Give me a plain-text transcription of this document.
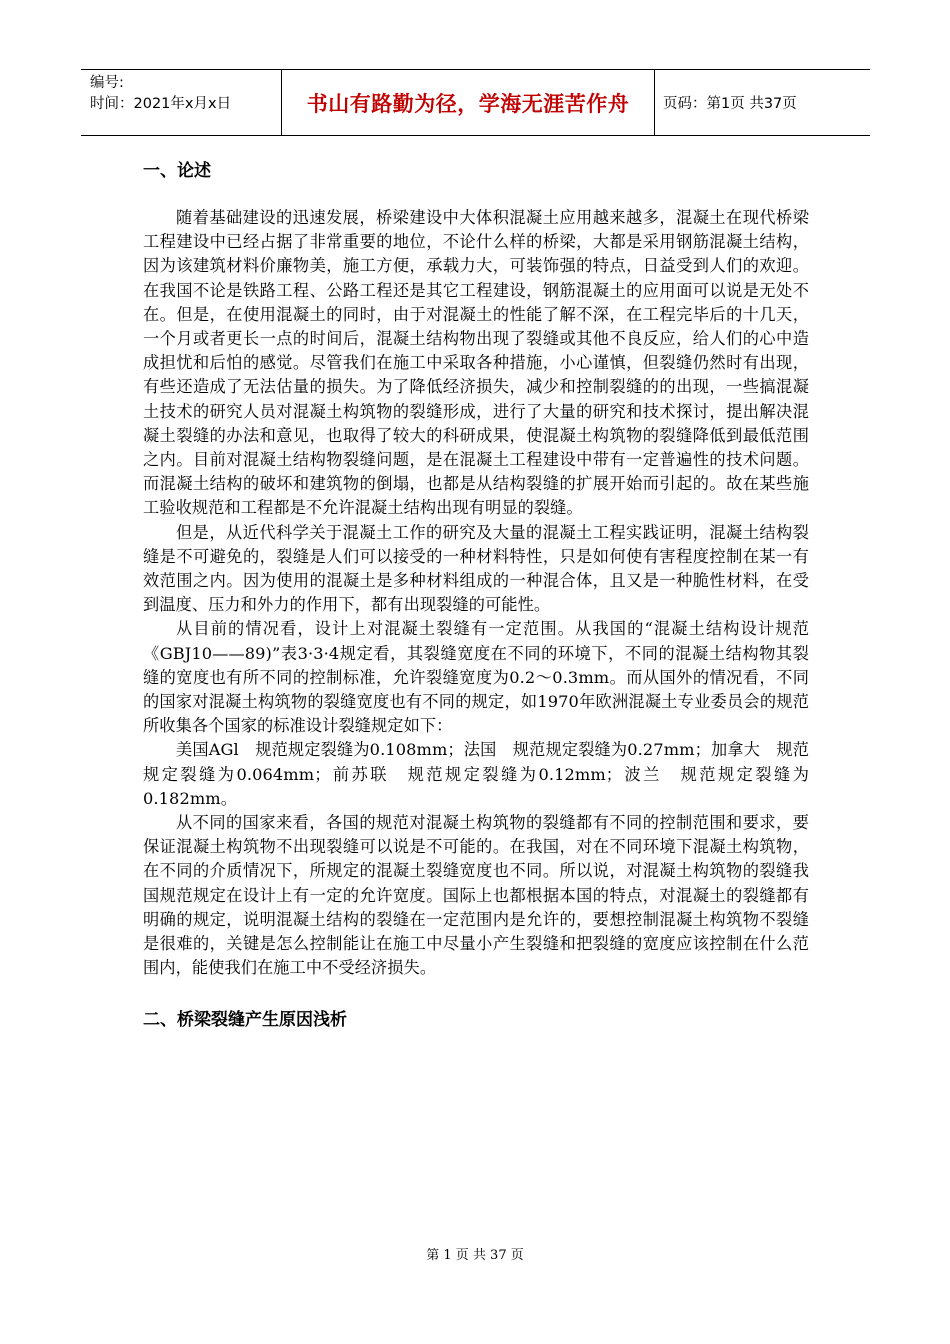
编号:
时间：2021年x月x日	书山有路勤为径，学海无涯苦作舟 页码：第1页 共37页
一、论述

随着基础建设的迅速发展，桥梁建设中大体积混凝土应用越来越多，混凝土在现代桥梁工程建设中已经占据了非常重要的地位，不论什么样的桥梁，大都是采用钢筋混凝土结构，因为该建筑材料价廉物美，施工方便，承载力大，可装饰强的特点，日益受到人们的欢迎。在我国不论是铁路工程、公路工程还是其它工程建设，钢筋混凝土的应用面可以说是无处不在。但是，在使用混凝土的同时，由于对混凝土的性能了解不深，在工程完毕后的十几天，一个月或者更长一点的时间后，混凝土结构物出现了裂缝或其他不良反应，给人们的心中造成担忧和后怕的感觉。尽管我们在施工中采取各种措施，小心谨慎，但裂缝仍然时有出现，有些还造成了无法估量的损失。为了降低经济损失，减少和控制裂缝的的出现，一些搞混凝土技术的研究人员对混凝土构筑物的裂缝形成，进行了大量的研究和技术探讨，提出解决混凝土裂缝的办法和意见，也取得了较大的科研成果，使混凝土构筑物的裂缝降低到最低范围之内。目前对混凝土结构物裂缝问题，是在混凝土工程建设中带有一定普遍性的技术问题。而混凝土结构的破坏和建筑物的倒塌，也都是从结构裂缝的扩展开始而引起的。故在某些施工验收规范和工程都是不允许混凝土结构出现有明显的裂缝。

但是，从近代科学关于混凝土工作的研究及大量的混凝土工程实践证明，混凝土结构裂缝是不可避免的，裂缝是人们可以接受的一种材料特性，只是如何使有害程度控制在某一有效范围之内。因为使用的混凝土是多种材料组成的一种混合体，且又是一种脆性材料，在受到温度、压力和外力的作用下，都有出现裂缝的可能性。

从目前的情况看，设计上对混凝土裂缝有一定范围。从我国的“混凝土结构设计规范《GBJ10——89)”表3·3·4规定看，其裂缝宽度在不同的环境下，不同的混凝土结构物其裂缝的宽度也有所不同的控制标准，允许裂缝宽度为0.2～0.3mm。而从国外的情况看，不同的国家对混凝土构筑物的裂缝宽度也有不同的规定，如1970年欧洲混凝土专业委员会的规范所收集各个国家的标准设计裂缝规定如下：

美国AGl　规范规定裂缝为0.108mm；法国　规范规定裂缝为0.27mm；加拿大　规范规定裂缝为0.064mm；前苏联　规范规定裂缝为0.12mm；波兰　规范规定裂缝为0.182mm。

从不同的国家来看，各国的规范对混凝土构筑物的裂缝都有不同的控制范围和要求，要保证混凝土构筑物不出现裂缝可以说是不可能的。在我国，对在不同环境下混凝土构筑物，在不同的介质情况下，所规定的混凝土裂缝宽度也不同。所以说，对混凝土构筑物的裂缝我国规范规定在设计上有一定的允许宽度。国际上也都根据本国的特点，对混凝土的裂缝都有明确的规定，说明混凝土结构的裂缝在一定范围内是允许的，要想控制混凝土构筑物不裂缝是很难的，关键是怎么控制能让在施工中尽量小产生裂缝和把裂缝的宽度应该控制在什么范围内，能使我们在施工中不受经济损失。

二、桥梁裂缝产生原因浅析
第 1 页 共 37 页
